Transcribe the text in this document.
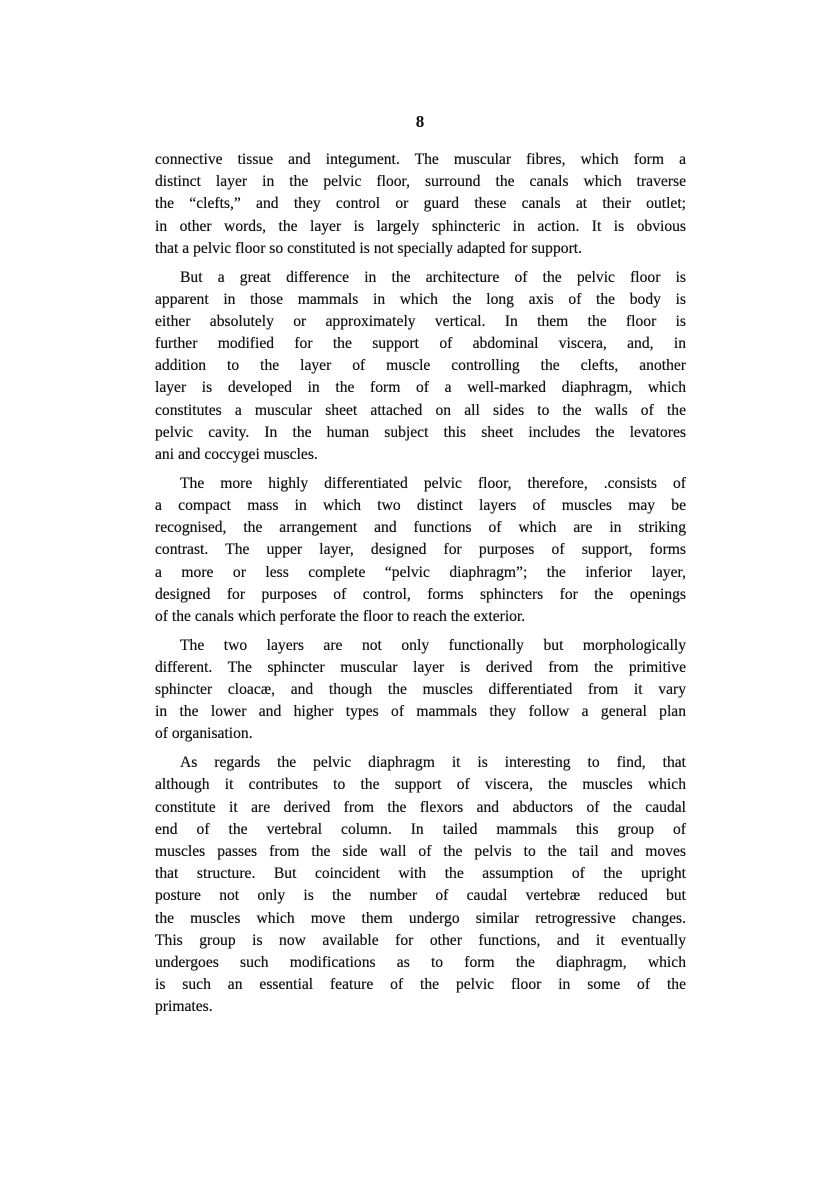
8
connective tissue and integument. The muscular fibres, which form a
distinct layer in the pelvic floor, surround the canals which traverse
the “clefts,” and they control or guard these canals at their outlet;
in other words, the layer is largely sphincteric in action. It is obvious
that a pelvic floor so constituted is not specially adapted for support.
But a great difference in the architecture of the pelvic floor is
apparent in those mammals in which the long axis of the body is
either absolutely or approximately vertical. In them the floor is
further modified for the support of abdominal viscera, and, in
addition to the layer of muscle controlling the clefts, another
layer is developed in the form of a well-marked diaphragm, which
constitutes a muscular sheet attached on all sides to the walls of the
pelvic cavity. In the human subject this sheet includes the levatores
ani and coccygei muscles.
The more highly differentiated pelvic floor, therefore, .consists of
a compact mass in which two distinct layers of muscles may be
recognised, the arrangement and functions of which are in striking
contrast. The upper layer, designed for purposes of support, forms
a more or less complete “pelvic diaphragm”; the inferior layer,
designed for purposes of control, forms sphincters for the openings
of the canals which perforate the floor to reach the exterior.
The two layers are not only functionally but morphologically
different. The sphincter muscular layer is derived from the primitive
sphincter cloacæ, and though the muscles differentiated from it vary
in the lower and higher types of mammals they follow a general plan
of organisation.
As regards the pelvic diaphragm it is interesting to find, that
although it contributes to the support of viscera, the muscles which
constitute it are derived from the flexors and abductors of the caudal
end of the vertebral column. In tailed mammals this group of
muscles passes from the side wall of the pelvis to the tail and moves
that structure. But coincident with the assumption of the upright
posture not only is the number of caudal vertebræ reduced but
the muscles which move them undergo similar retrogressive changes.
This group is now available for other functions, and it eventually
undergoes such modifications as to form the diaphragm, which
is such an essential feature of the pelvic floor in some of the
primates.
